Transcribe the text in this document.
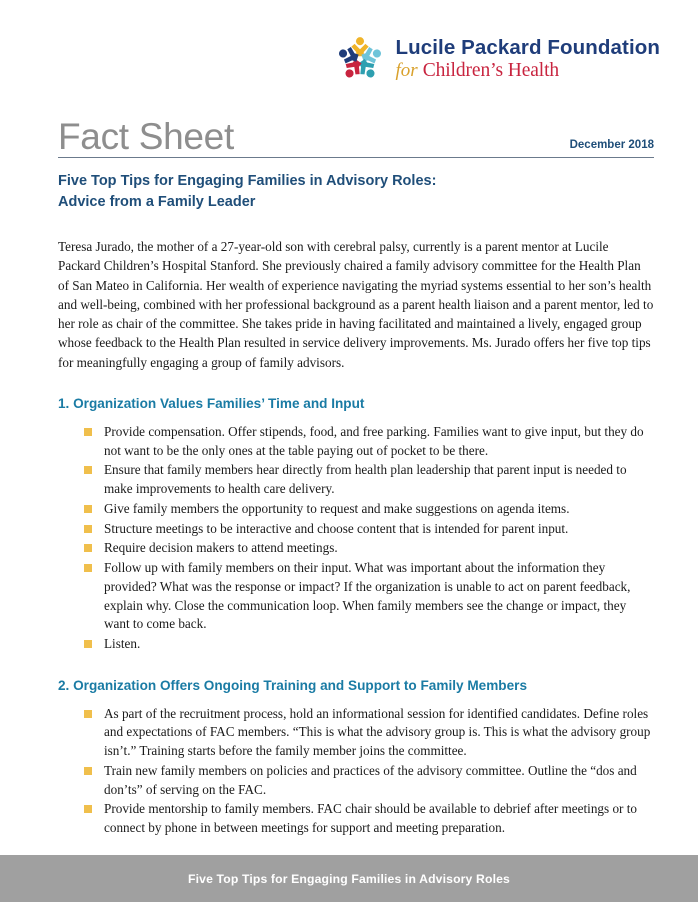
Lucile Packard Foundation
for Children’s Health
Fact Sheet	December 2018
Five Top Tips for Engaging Families in Advisory Roles:
Advice from a Family Leader

Teresa Jurado, the mother of a 27-year-old son with cerebral palsy, currently is a parent mentor at Lucile Packard Children’s Hospital Stanford. She previously chaired a family advisory committee for the Health Plan of San Mateo in California. Her wealth of experience navigating the myriad systems essential to her son’s health and well-being, combined with her professional background as a parent health liaison and a parent mentor, led to her role as chair of the committee. She takes pride in having facilitated and maintained a lively, engaged group whose feedback to the Health Plan resulted in service delivery improvements. Ms. Jurado offers her five top tips for meaningfully engaging a group of family advisors.

1. Organization Values Families’ Time and Input
Provide compensation. Offer stipends, food, and free parking. Families want to give input, but they do not want to be the only ones at the table paying out of pocket to be there.
Ensure that family members hear directly from health plan leadership that parent input is needed to make improvements to health care delivery.
Give family members the opportunity to request and make suggestions on agenda items.
Structure meetings to be interactive and choose content that is intended for parent input.
Require decision makers to attend meetings.
Follow up with family members on their input. What was important about the information they provided? What was the response or impact? If the organization is unable to act on parent feedback, explain why. Close the communication loop. When family members see the change or impact, they want to come back.
Listen.
2. Organization Offers Ongoing Training and Support to Family Members
As part of the recruitment process, hold an informational session for identified candidates. Define roles and expectations of FAC members. “This is what the advisory group is. This is what the advisory group isn’t.” Training starts before the family member joins the committee.
Train new family members on policies and practices of the advisory committee. Outline the “dos and don’ts” of serving on the FAC.
Provide mentorship to family members. FAC chair should be available to debrief after meetings or to connect by phone in between meetings for support and meeting preparation.
Five Top Tips for Engaging Families in Advisory Roles
